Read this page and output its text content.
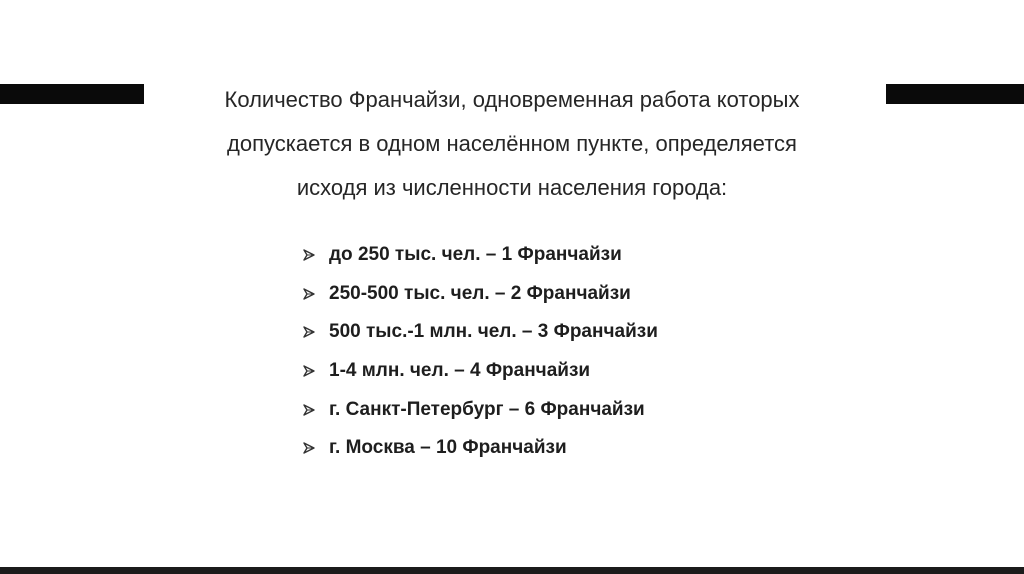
Количество Франчайзи, одновременная работа которых
допускается в одном населённом пункте, определяется
исходя из численности населения города:

до 250 тыс. чел. – 1 Франчайзи
250-500 тыс. чел. – 2 Франчайзи
500 тыс.-1 млн. чел. – 3 Франчайзи
1-4 млн. чел. – 4 Франчайзи
г. Санкт-Петербург – 6 Франчайзи
г. Москва – 10 Франчайзи
